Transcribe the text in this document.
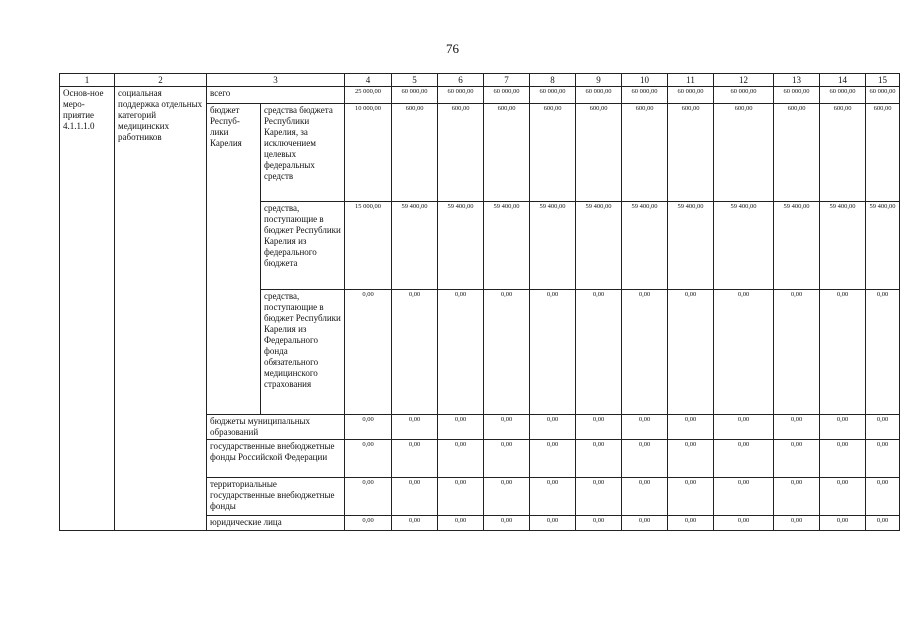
76
1	2	3		4	5	6	7	8	9	10	11	12	13	14	15
Основ-ное меро-приятие 4.1.1.1.0	социальная поддержка отдельных категорий медицинских работников	всего		25 000,00	60 000,00	60 000,00	60 000,00	60 000,00	60 000,00	60 000,00	60 000,00	60 000,00	60 000,00	60 000,00	60 000,00
		бюджет Респуб-лики Карелия	средства бюджета Республики Карелия, за исключением целевых федеральных средств	10 000,00	600,00	600,00	600,00	600,00	600,00	600,00	600,00	600,00	600,00	600,00	600,00
			средства, поступающие в бюджет Республики Карелия из федерального бюджета	15 000,00	59 400,00	59 400,00	59 400,00	59 400,00	59 400,00	59 400,00	59 400,00	59 400,00	59 400,00	59 400,00	59 400,00
			средства, поступающие в бюджет Республики Карелия из Федерального фонда обязательного медицинского страхования	0,00	0,00	0,00	0,00	0,00	0,00	0,00	0,00	0,00	0,00	0,00	0,00
		бюджеты муниципальных образований		0,00	0,00	0,00	0,00	0,00	0,00	0,00	0,00	0,00	0,00	0,00	0,00
		государственные внебюджетные фонды Российской Федерации		0,00	0,00	0,00	0,00	0,00	0,00	0,00	0,00	0,00	0,00	0,00	0,00
		территориальные государственные внебюджетные фонды		0,00	0,00	0,00	0,00	0,00	0,00	0,00	0,00	0,00	0,00	0,00	0,00
		юридические лица		0,00	0,00	0,00	0,00	0,00	0,00	0,00	0,00	0,00	0,00	0,00	0,00
